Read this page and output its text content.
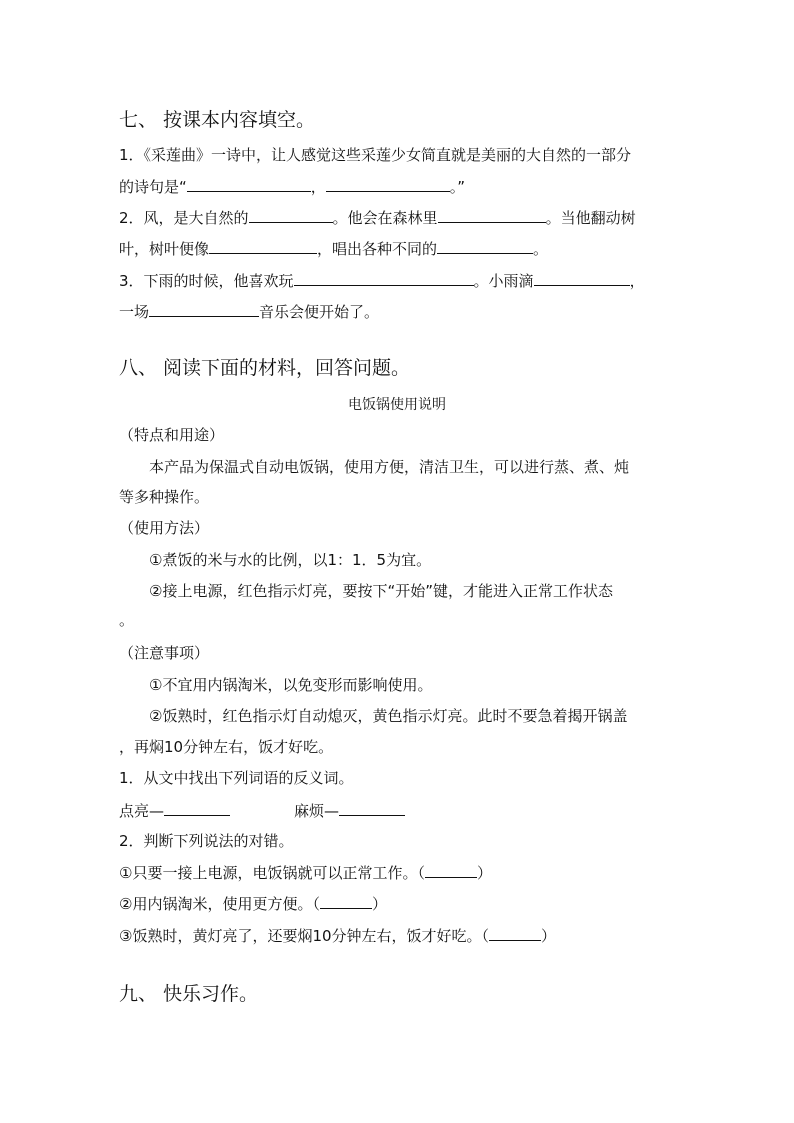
七、 按课本内容填空。
1．《采莲曲》一诗中，让人感觉这些采莲少女简直就是美丽的大自然的一部分
的诗句是“	，	。”
2．风，是大自然的	。他会在森林里	。当他翻动树
叶，树叶便像	，唱出各种不同的	。
3．下雨的时候，他喜欢玩	。小雨滴	，
一场	音乐会便开始了。
八、 阅读下面的材料，回答问题。
电饭锅使用说明
（特点和用途）
本产品为保温式自动电饭锅，使用方便，清洁卫生，可以进行蒸、煮、炖
等多种操作。
（使用方法）
①煮饭的米与水的比例，以1：1．5为宜。
②接上电源，红色指示灯亮，要按下“开始”键，才能进入正常工作状态
。
（注意事项）
①不宜用内锅淘米，以免变形而影响使用。
②饭熟时，红色指示灯自动熄灭，黄色指示灯亮。此时不要急着揭开锅盖
，再焖10分钟左右，饭才好吃。
1．从文中找出下列词语的反义词。
点亮—	麻烦—
2．判断下列说法的对错。
①只要一接上电源，电饭锅就可以正常工作。（	）
②用内锅淘米，使用更方便。（	）
③饭熟时，黄灯亮了，还要焖10分钟左右，饭才好吃。（	）
九、 快乐习作。
